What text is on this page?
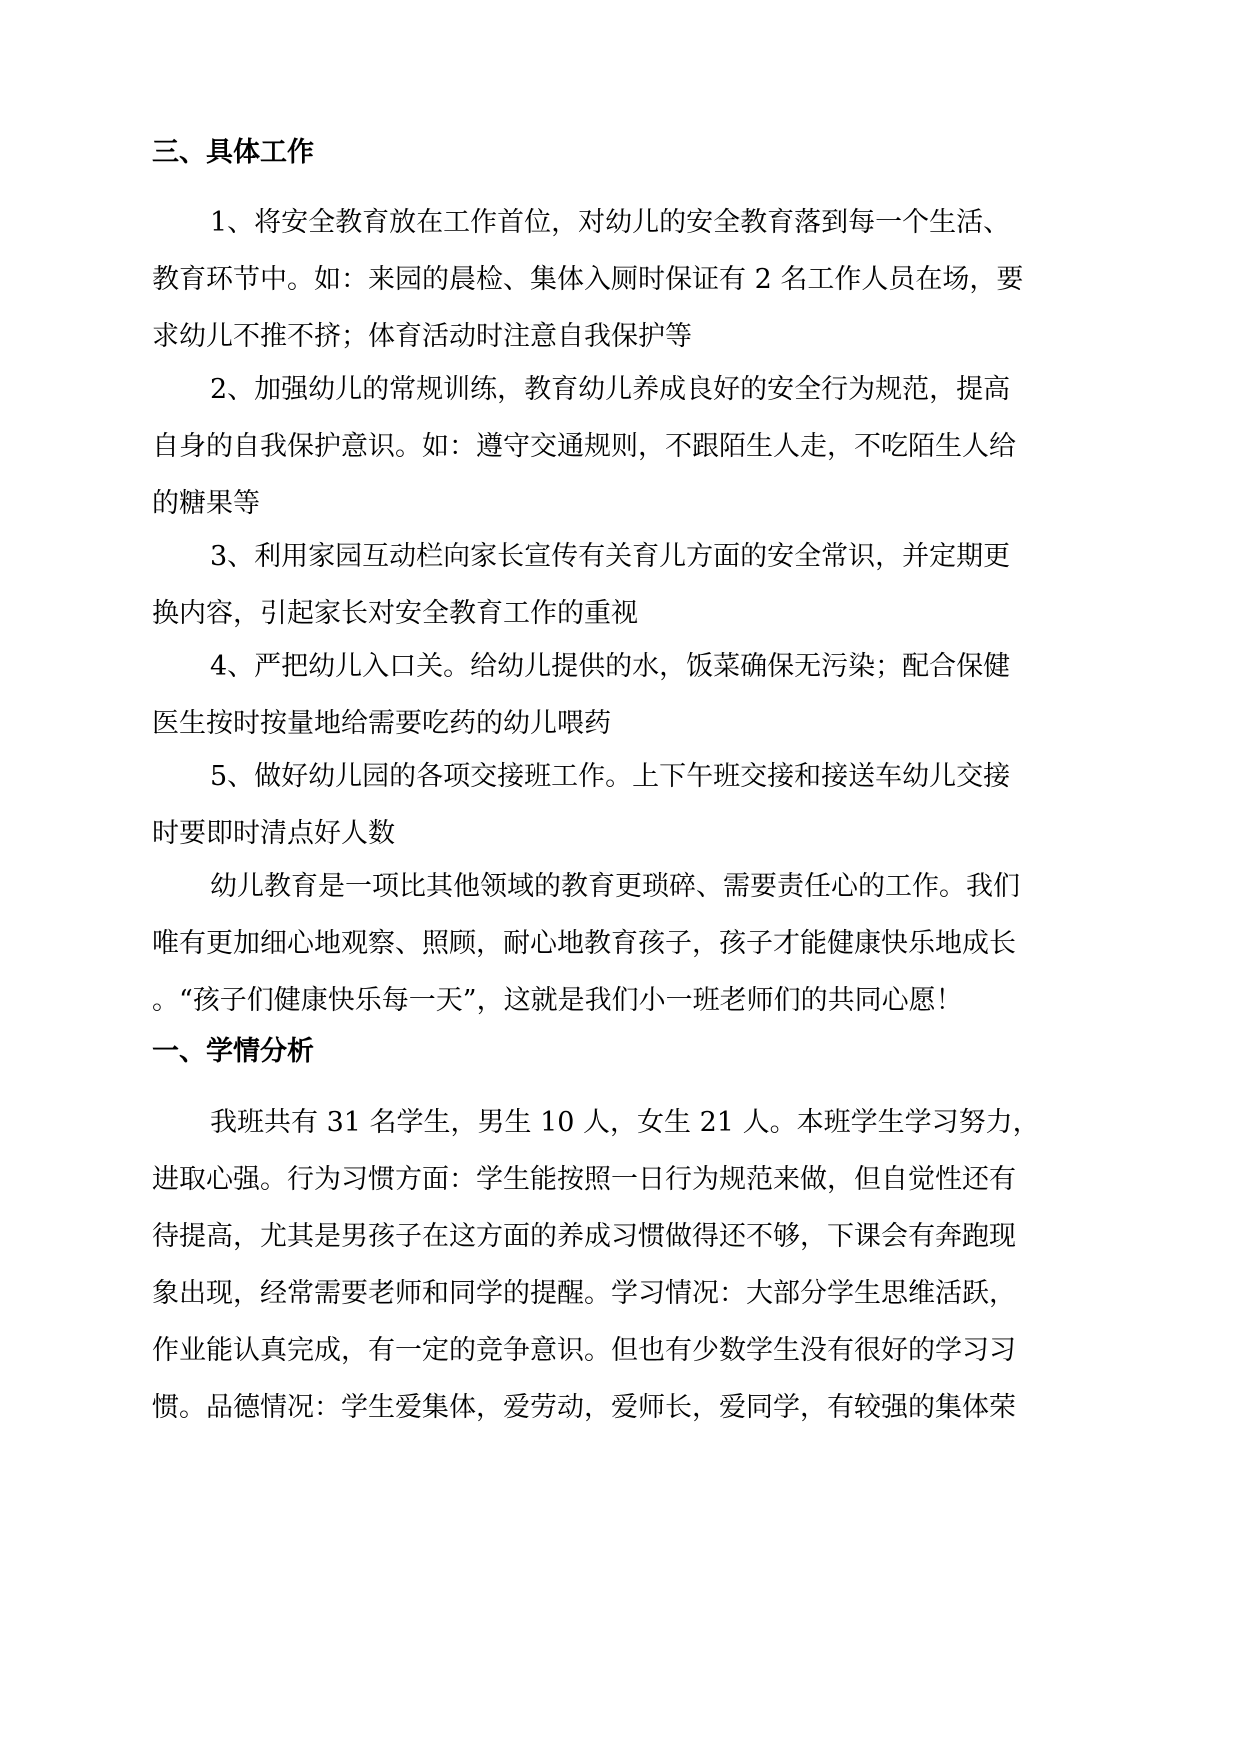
三、具体工作
1、将安全教育放在工作首位，对幼儿的安全教育落到每一个生活、
教育环节中。如：来园的晨检、集体入厕时保证有 2 名工作人员在场，要
求幼儿不推不挤；体育活动时注意自我保护等
2、加强幼儿的常规训练，教育幼儿养成良好的安全行为规范，提高
自身的自我保护意识。如：遵守交通规则，不跟陌生人走，不吃陌生人给
的糖果等
3、利用家园互动栏向家长宣传有关育儿方面的安全常识，并定期更
换内容，引起家长对安全教育工作的重视
4、严把幼儿入口关。给幼儿提供的水，饭菜确保无污染；配合保健
医生按时按量地给需要吃药的幼儿喂药
5、做好幼儿园的各项交接班工作。上下午班交接和接送车幼儿交接
时要即时清点好人数
幼儿教育是一项比其他领域的教育更琐碎、需要责任心的工作。我们
唯有更加细心地观察、照顾，耐心地教育孩子，孩子才能健康快乐地成长
。“孩子们健康快乐每一天”，这就是我们小一班老师们的共同心愿！
一、学情分析
我班共有 31 名学生，男生 10 人，女生 21 人。本班学生学习努力，
进取心强。行为习惯方面：学生能按照一日行为规范来做，但自觉性还有
待提高，尤其是男孩子在这方面的养成习惯做得还不够，下课会有奔跑现
象出现，经常需要老师和同学的提醒。学习情况：大部分学生思维活跃，
作业能认真完成，有一定的竞争意识。但也有少数学生没有很好的学习习
惯。品德情况：学生爱集体，爱劳动，爱师长，爱同学，有较强的集体荣
